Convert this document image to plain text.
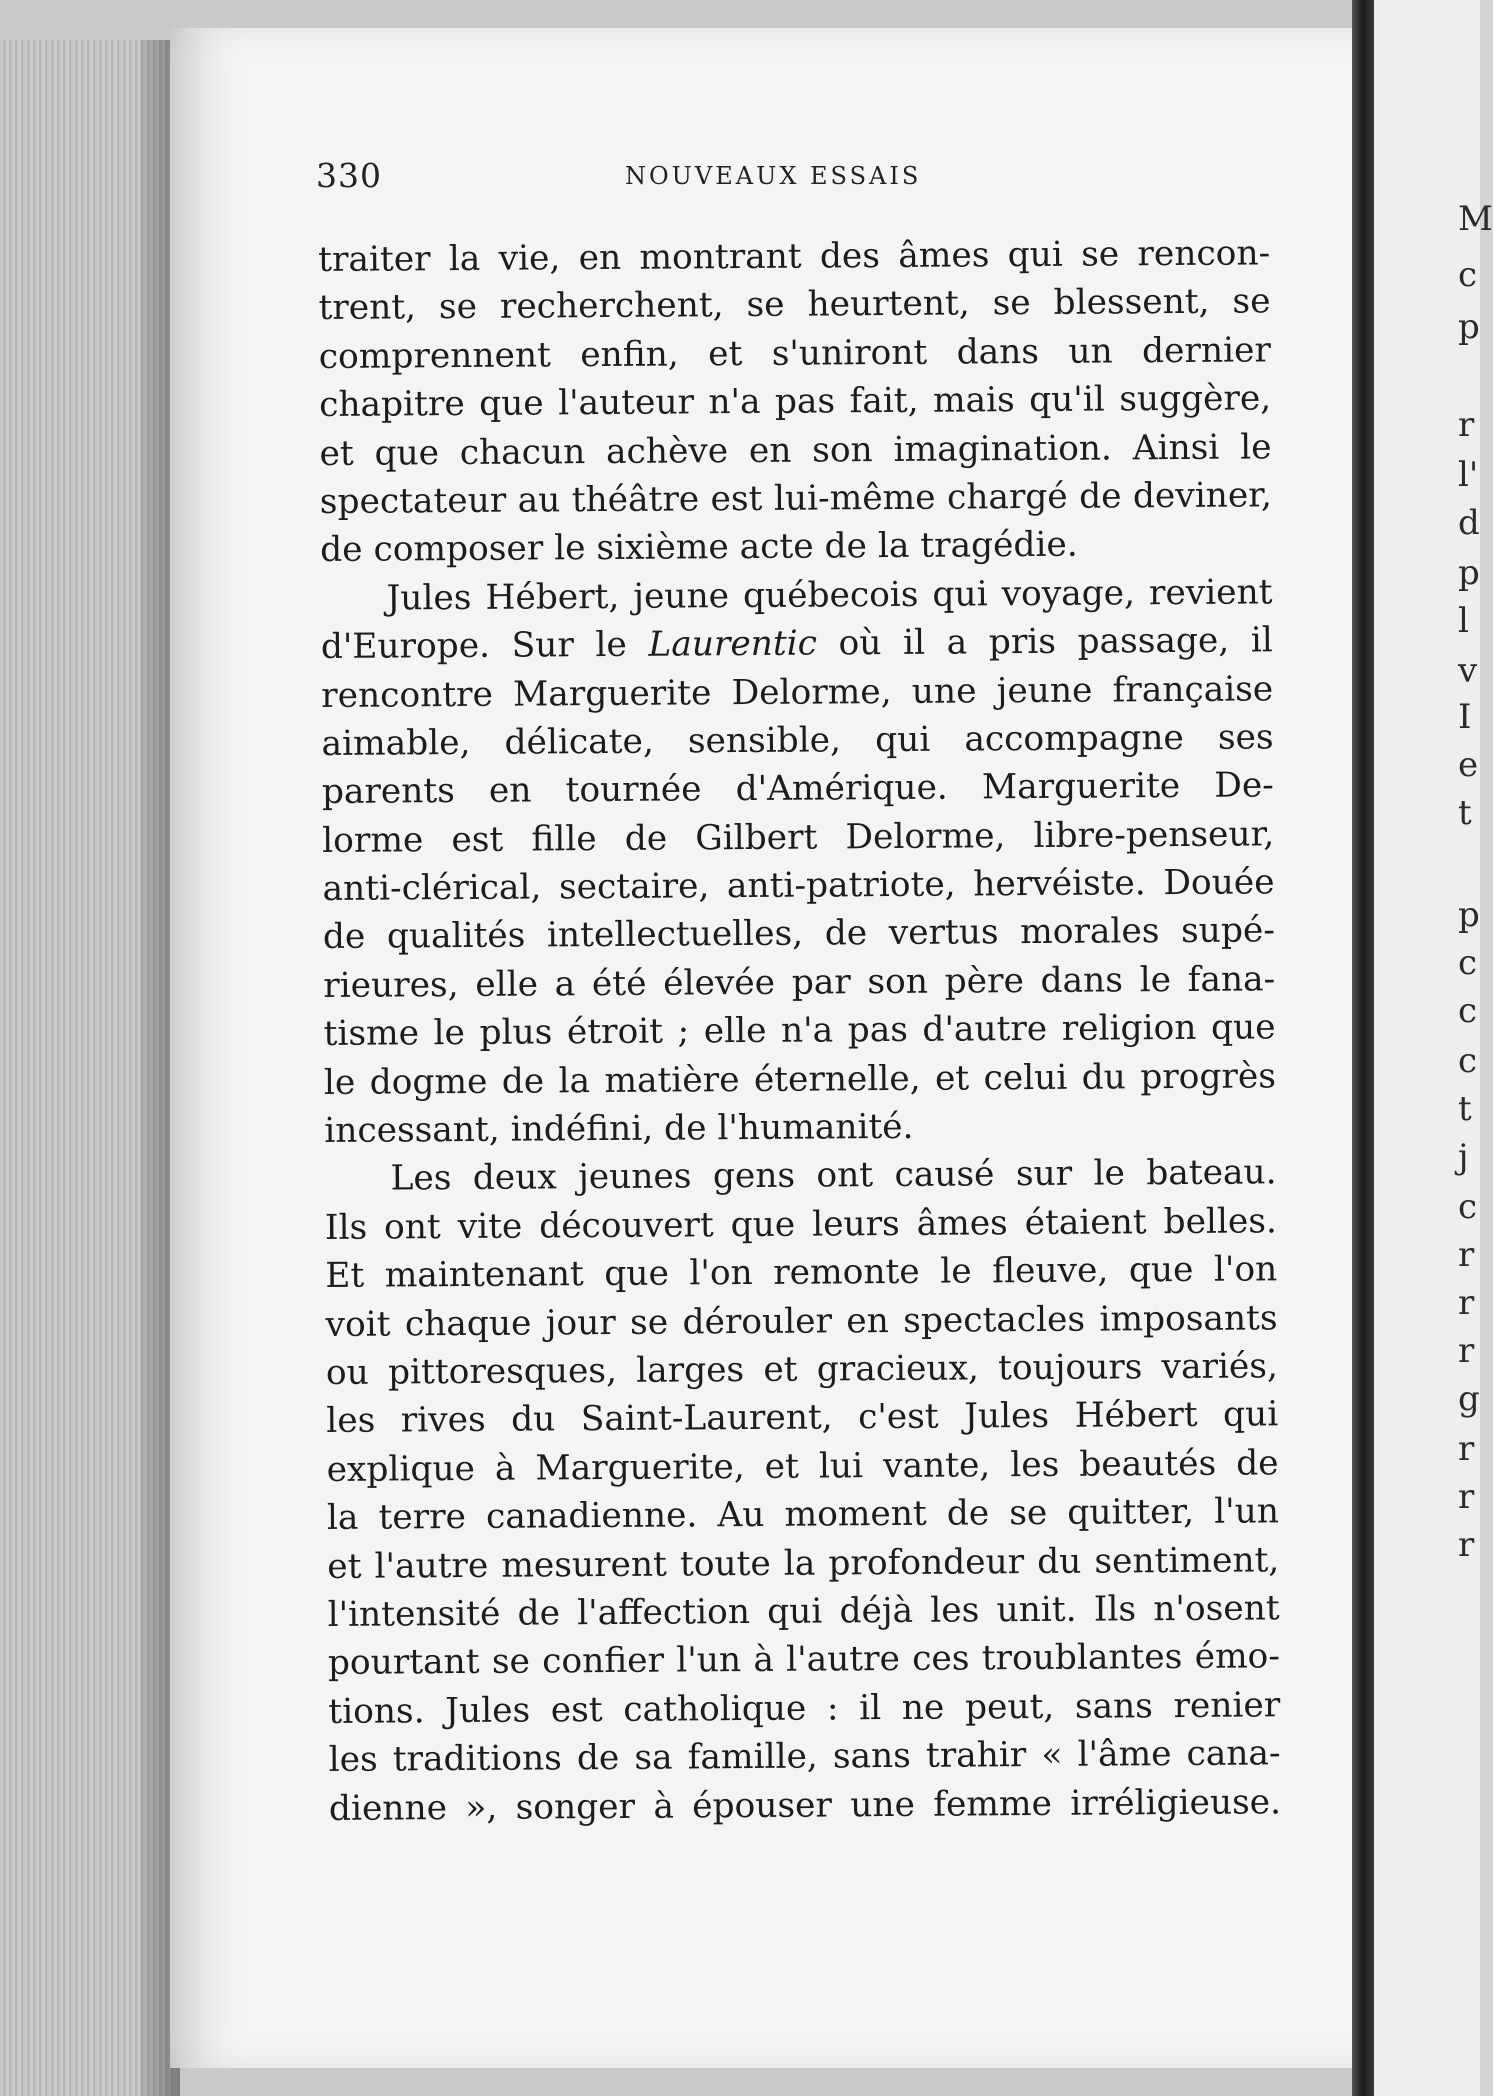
330	NOUVEAUX ESSAIS
traiter la vie, en montrant des âmes qui se rencon-
trent, se recherchent, se heurtent, se blessent, se
comprennent enfin, et s'uniront dans un dernier
chapitre que l'auteur n'a pas fait, mais qu'il suggère,
et que chacun achève en son imagination. Ainsi le
spectateur au théâtre est lui-même chargé de deviner,
de composer le sixième acte de la tragédie.
Jules Hébert, jeune québecois qui voyage, revient
d'Europe. Sur le Laurentic où il a pris passage, il
rencontre Marguerite Delorme, une jeune française
aimable, délicate, sensible, qui accompagne ses
parents en tournée d'Amérique. Marguerite De-
lorme est fille de Gilbert Delorme, libre-penseur,
anti-clérical, sectaire, anti-patriote, hervéiste. Douée
de qualités intellectuelles, de vertus morales supé-
rieures, elle a été élevée par son père dans le fana-
tisme le plus étroit ; elle n'a pas d'autre religion que
le dogme de la matière éternelle, et celui du progrès
incessant, indéfini, de l'humanité.
Les deux jeunes gens ont causé sur le bateau.
Ils ont vite découvert que leurs âmes étaient belles.
Et maintenant que l'on remonte le fleuve, que l'on
voit chaque jour se dérouler en spectacles imposants
ou pittoresques, larges et gracieux, toujours variés,
les rives du Saint-Laurent, c'est Jules Hébert qui
explique à Marguerite, et lui vante, les beautés de
la terre canadienne. Au moment de se quitter, l'un
et l'autre mesurent toute la profondeur du sentiment,
l'intensité de l'affection qui déjà les unit. Ils n'osent
pourtant se confier l'un à l'autre ces troublantes émo-
tions. Jules est catholique : il ne peut, sans renier
les traditions de sa famille, sans trahir « l'âme cana-
dienne », songer à épouser une femme irréligieuse.
M
c
p
r
l'
d
p
l
v
I
e
t
p
c
c
c
t
j
c
r
r
r
g
r
r
r
